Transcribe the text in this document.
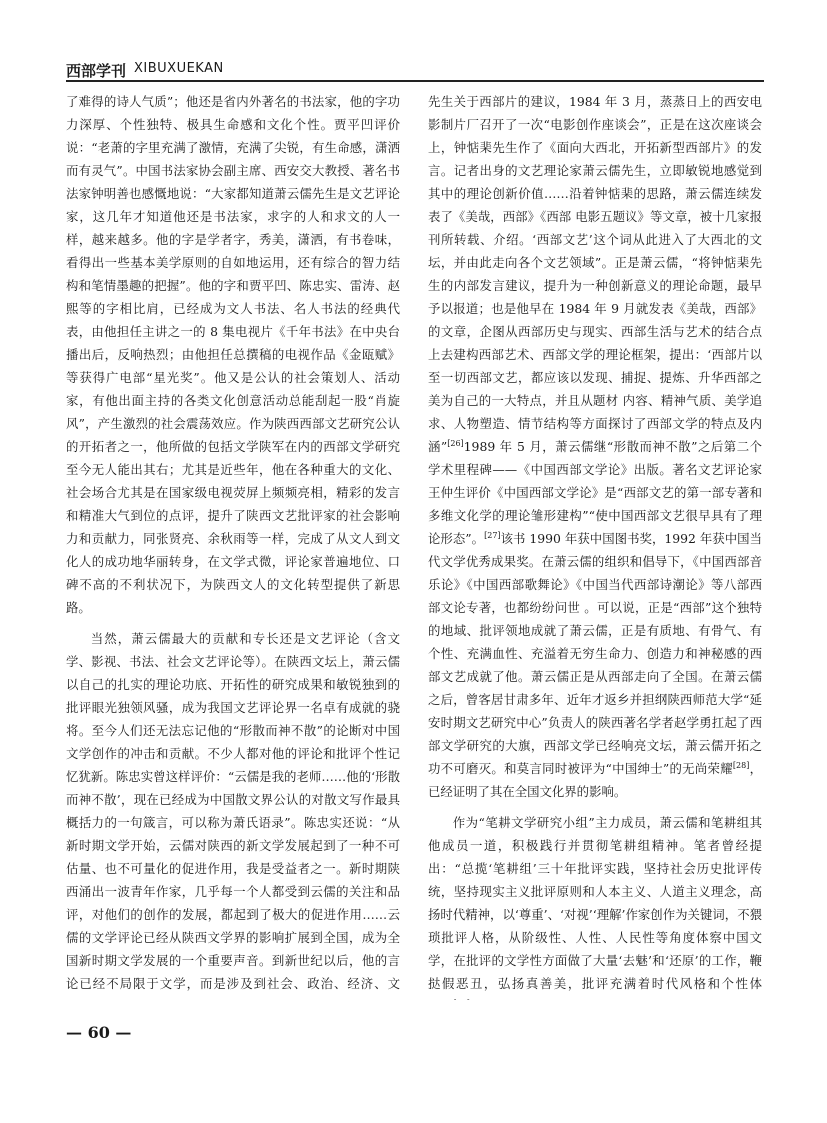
西部学刊 XIBUXUEKAN

了难得的诗人气质”；他还是省内外著名的书法家，他的字功力深厚、个性独特、极具生命感和文化个性。贾平凹评价说：“老萧的字里充满了激情，充满了尖锐，有生命感，潇洒而有灵气”。中国书法家协会副主席、西安交大教授、著名书法家钟明善也感慨地说：“大家都知道萧云儒先生是文艺评论家，这几年才知道他还是书法家，求字的人和求文的人一样，越来越多。他的字是学者字，秀美，潇洒，有书卷味，看得出一些基本美学原则的自如地运用，还有综合的智力结构和笔情墨趣的把握”。他的字和贾平凹、陈忠实、雷涛、赵熙等的字相比肩，已经成为文人书法、名人书法的经典代表，由他担任主讲之一的 8 集电视片《千年书法》在中央台播出后，反响热烈；由他担任总撰稿的电视作品《金瓯赋》等获得广电部“星光奖”。他又是公认的社会策划人、活动家，有他出面主持的各类文化创意活动总能刮起一股“肖旋风”，产生激烈的社会震荡效应。作为陕西西部文艺研究公认的开拓者之一，他所做的包括文学陕军在内的西部文学研究至今无人能出其右；尤其是近些年，他在各种重大的文化、社会场合尤其是在国家级电视荧屏上频频亮相，精彩的发言和精准大气到位的点评，提升了陕西文艺批评家的社会影响力和贡献力，同张贤亮、余秋雨等一样，完成了从文人到文化人的成功地华丽转身，在文学式微，评论家普遍地位、口碑不高的不利状况下，为陕西文人的文化转型提供了新思路。

当然，萧云儒最大的贡献和专长还是文艺评论（含文学、影视、书法、社会文艺评论等）。在陕西文坛上，萧云儒以自己的扎实的理论功底、开拓性的研究成果和敏锐独到的批评眼光独领风骚，成为我国文艺评论界一名卓有成就的骁将。至今人们还无法忘记他的“形散而神不散”的论断对中国文学创作的冲击和贡献。不少人都对他的评论和批评个性记忆犹新。陈忠实曾这样评价：“云儒是我的老师……他的‘形散而神不散’，现在已经成为中国散文界公认的对散文写作最具概括力的一句箴言，可以称为萧氏语录”。陈忠实还说：“从新时期文学开始，云儒对陕西的新文学发展起到了一种不可估量、也不可量化的促进作用，我是受益者之一。新时期陕西涌出一波青年作家，几乎每一个人都受到云儒的关注和品评，对他们的创作的发展，都起到了极大的促进作用……云儒的文学评论已经从陕西文学界的影响扩展到全国，成为全国新时期文学发展的一个重要声音。到新世纪以后，他的言论已经不局限于文学，而是涉及到社会、政治、经济、文

先生关于西部片的建议，1984 年 3 月，蒸蒸日上的西安电影制片厂召开了一次“电影创作座谈会”，正是在这次座谈会上，钟惦棐先生作了《面向大西北，开拓新型西部片》的发言。记者出身的文艺理论家萧云儒先生，立即敏锐地感觉到其中的理论创新价值……沿着钟惦棐的思路，萧云儒连续发表了《美哉，西部》《西部 电影五题议》等文章，被十几家报刊所转载、介绍。‘西部文艺’这个词从此进入了大西北的文坛，并由此走向各个文艺领域”。正是萧云儒，“将钟惦棐先生的内部发言建议，提升为一种创新意义的理论命题，最早予以报道；也是他早在 1984 年 9 月就发表《美哉，西部》的文章，企图从西部历史与现实、西部生活与艺术的结合点上去建构西部艺术、西部文学的理论框架，提出：‘西部片以至一切西部文艺，都应该以发现、捕捉、提炼、升华西部之美为自己的一大特点，并且从题材 内容、精神气质、美学追求、人物塑造、情节结构等方面探讨了西部文学的特点及内涵”[26]1989 年 5 月，萧云儒继“形散而神不散”之后第二个学术里程碑——《中国西部文学论》出版。著名文艺评论家王仲生评价《中国西部文学论》是“西部文艺的第一部专著和多维文化学的理论雏形建构”“使中国西部文艺很早具有了理论形态”。[27]该书 1990 年获中国图书奖，1992 年获中国当代文学优秀成果奖。在萧云儒的组织和倡导下，《中国西部音乐论》《中国西部歌舞论》《中国当代西部诗潮论》等八部西部文论专著，也都纷纷问世 。可以说，正是“西部”这个独特的地域、批评领地成就了萧云儒，正是有质地、有骨气、有个性、充满血性、充溢着无穷生命力、创造力和神秘感的西部文艺成就了他。萧云儒正是从西部走向了全国。在萧云儒之后，曾客居甘肃多年、近年才返乡并担纲陕西师范大学“延安时期文艺研究中心”负责人的陕西著名学者赵学勇扛起了西部文学研究的大旗，西部文学已经响亮文坛，萧云儒开拓之功不可磨灭。和莫言同时被评为“中国绅士”的无尚荣耀[28]，已经证明了其在全国文化界的影响。

作为“笔耕文学研究小组”主力成员，萧云儒和笔耕组其他成员一道，积极践行并贯彻笔耕组精神。笔者曾经提出：“总揽‘笔耕组’三十年批评实践，坚持社会历史批评传统，坚持现实主义批评原则和人本主义、人道主义理念，高扬时代精神，以‘尊重’、‘对视’‘理解’作家创作为关键词，不猥琐批评人格，从阶级性、人性、人民性等角度体察中国文学，在批评的文学性方面做了大量‘去魅’和‘还原’的工作，鞭挞假恶丑，弘扬真善美，批评充满着时代风格和个性体

— 60 —
